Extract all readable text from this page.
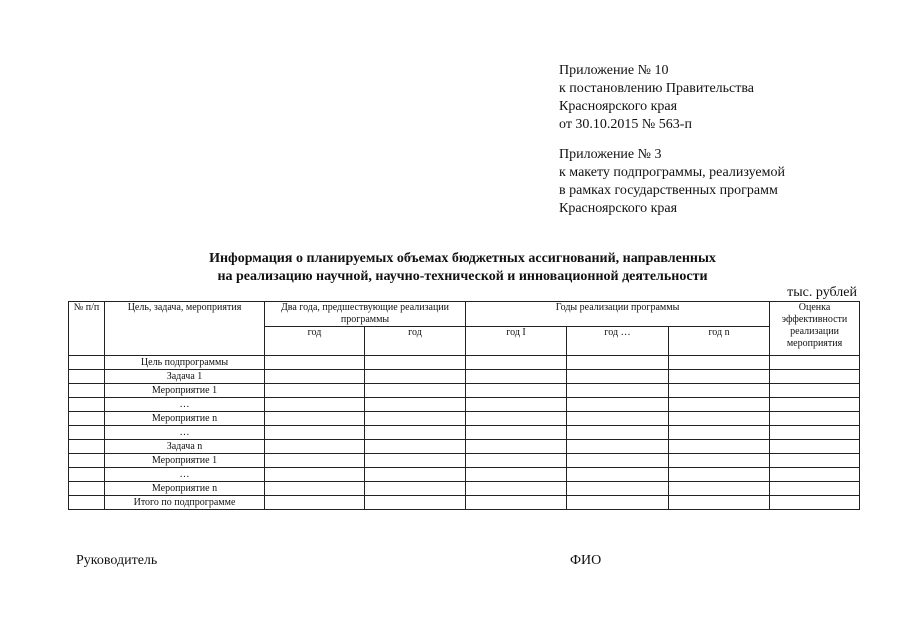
Приложение № 10
к постановлению Правительства
Красноярского края
от 30.10.2015 № 563-п
Приложение № 3
к макету подпрограммы, реализуемой
в рамках государственных программ
Красноярского края
Информация о планируемых объемах бюджетных ассигнований, направленных
на реализацию научной, научно-технической и инновационной деятельности
тыс. рублей
№ п/п	Цель, задача, мероприятия	Два года, предшествующие реализации программы		Годы реализации программы			Оценка эффективности реализации мероприятия
		год	год	год I	год …	год n	
	Цель подпрограммы						
	Задача 1						
	Мероприятие 1						
	…						
	Мероприятие n						
	…						
	Задача n						
	Мероприятие 1						
	…						
	Мероприятие n						
	Итого по подпрограмме						
Руководитель	ФИО
